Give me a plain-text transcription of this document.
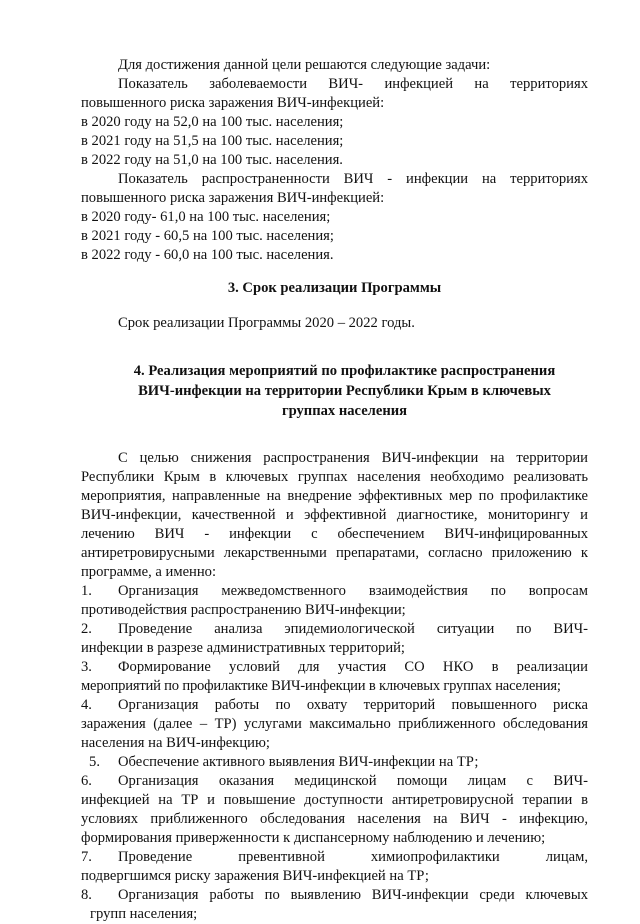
Для достижения данной цели решаются следующие задачи:

Показатель заболеваемости ВИЧ- инфекцией на территориях

повышенного риска заражения ВИЧ-инфекцией:

в 2020 году на 52,0 на 100 тыс. населения;

в 2021 году на 51,5 на 100 тыс. населения;

в 2022 году на 51,0 на 100 тыс. населения.

Показатель распространенности ВИЧ - инфекции на территориях

повышенного риска заражения ВИЧ-инфекцией:

в 2020 году- 61,0 на 100 тыс. населения;

в 2021 году - 60,5 на 100 тыс. населения;

в 2022 году - 60,0 на 100 тыс. населения.

3. Срок реализации Программы

Срок реализации Программы 2020 – 2022 годы.

4. Реализация мероприятий по профилактике распространения
ВИЧ-инфекции на территории Республики Крым в ключевых
группах населения

С целью снижения распространения ВИЧ-инфекции на территории

Республики Крым в ключевых группах населения необходимо реализовать

мероприятия, направленные на внедрение эффективных мер по профилактике

ВИЧ-инфекции, качественной и эффективной диагностике, мониторингу и

лечению ВИЧ - инфекции с обеспечением ВИЧ-инфицированных

антиретровирусными лекарственными препаратами, согласно приложению к

программе, а именно:

1. Организация межведомственного взаимодействия по вопросам

противодействия распространению ВИЧ-инфекции;

2. Проведение анализа эпидемиологической ситуации по ВИЧ-

инфекции в разрезе административных территорий;

3. Формирование условий для участия СО НКО в реализации

мероприятий по профилактике ВИЧ-инфекции в ключевых группах населения;

4. Организация работы по охвату территорий повышенного риска

заражения (далее – ТР) услугами максимально приближенного обследования

населения на ВИЧ-инфекцию;

5. Обеспечение активного выявления ВИЧ-инфекции на ТР;

6. Организация оказания медицинской помощи лицам с ВИЧ-

инфекцией на ТР и повышение доступности антиретровирусной терапии в

условиях приближенного обследования населения на ВИЧ - инфекцию,

формирования приверженности к диспансерному наблюдению и лечению;

7. Проведение превентивной химиопрофилактики лицам,

подвергшимся риску заражения ВИЧ-инфекцией на ТР;

8. Организация работы по выявлению ВИЧ-инфекции среди ключевых

групп населения;
